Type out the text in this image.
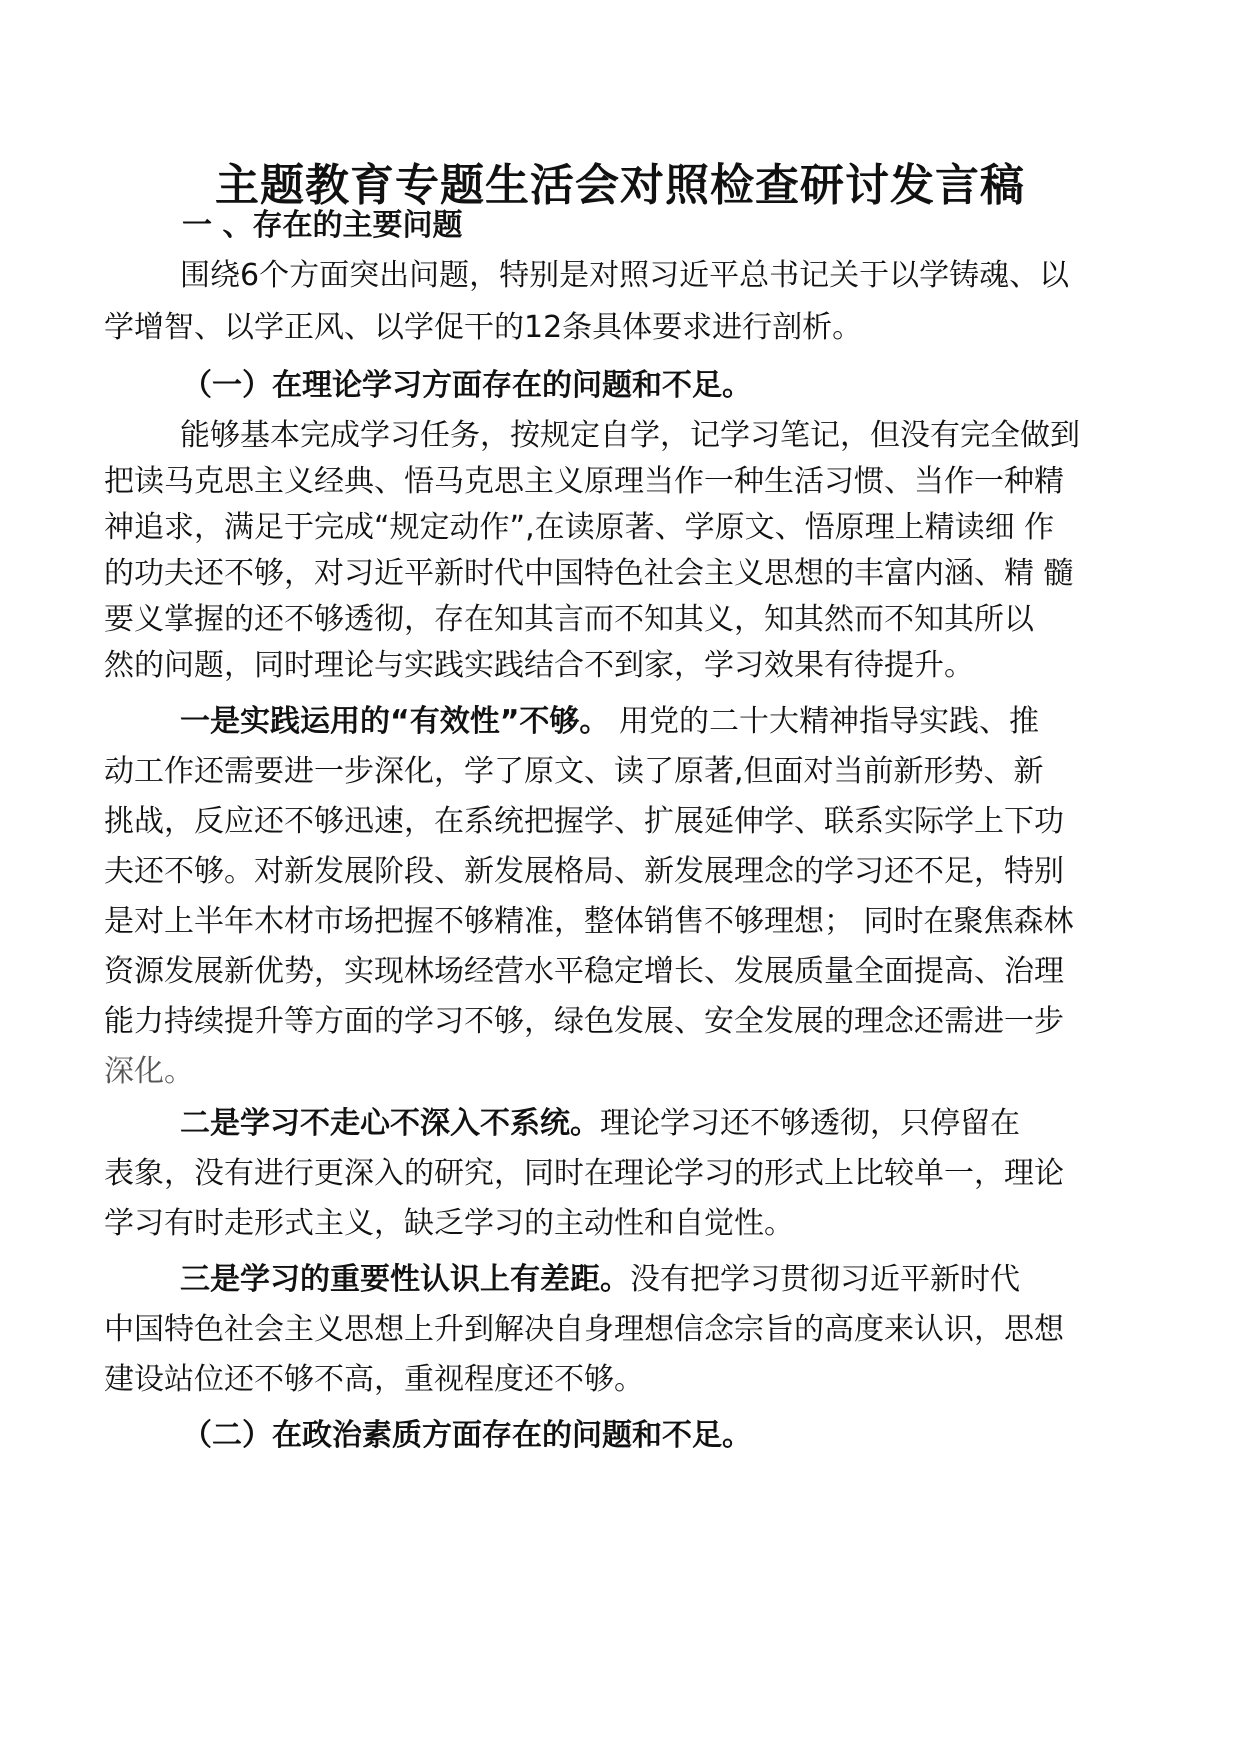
主题教育专题生活会对照检查研讨发言稿
一 、存在的主要问题
围绕6个方面突出问题，特别是对照习近平总书记关于以学铸魂、以
学增智、以学正风、以学促干的12条具体要求进行剖析。
（一）在理论学习方面存在的问题和不足。
能够基本完成学习任务，按规定自学，记学习笔记，但没有完全做到
把读马克思主义经典、悟马克思主义原理当作一种生活习惯、当作一种精
神追求，满足于完成“规定动作”,在读原著、学原文、悟原理上精读细 作
的功夫还不够，对习近平新时代中国特色社会主义思想的丰富内涵、精 髓
要义掌握的还不够透彻，存在知其言而不知其义，知其然而不知其所以
然的问题，同时理论与实践实践结合不到家，学习效果有待提升。
一是实践运用的“有效性”不够。 用党的二十大精神指导实践、推
动工作还需要进一步深化，学了原文、读了原著,但面对当前新形势、新
挑战，反应还不够迅速，在系统把握学、扩展延伸学、联系实际学上下功
夫还不够。对新发展阶段、新发展格局、新发展理念的学习还不足，特别
是对上半年木材市场把握不够精准，整体销售不够理想； 同时在聚焦森林
资源发展新优势，实现林场经营水平稳定增长、发展质量全面提高、治理
能力持续提升等方面的学习不够，绿色发展、安全发展的理念还需进一步
深化。
二是学习不走心不深入不系统。理论学习还不够透彻，只停留在
表象，没有进行更深入的研究，同时在理论学习的形式上比较单一，理论
学习有时走形式主义，缺乏学习的主动性和自觉性。
三是学习的重要性认识上有差距。没有把学习贯彻习近平新时代
中国特色社会主义思想上升到解决自身理想信念宗旨的高度来认识，思想
建设站位还不够不高，重视程度还不够。
（二）在政治素质方面存在的问题和不足。
